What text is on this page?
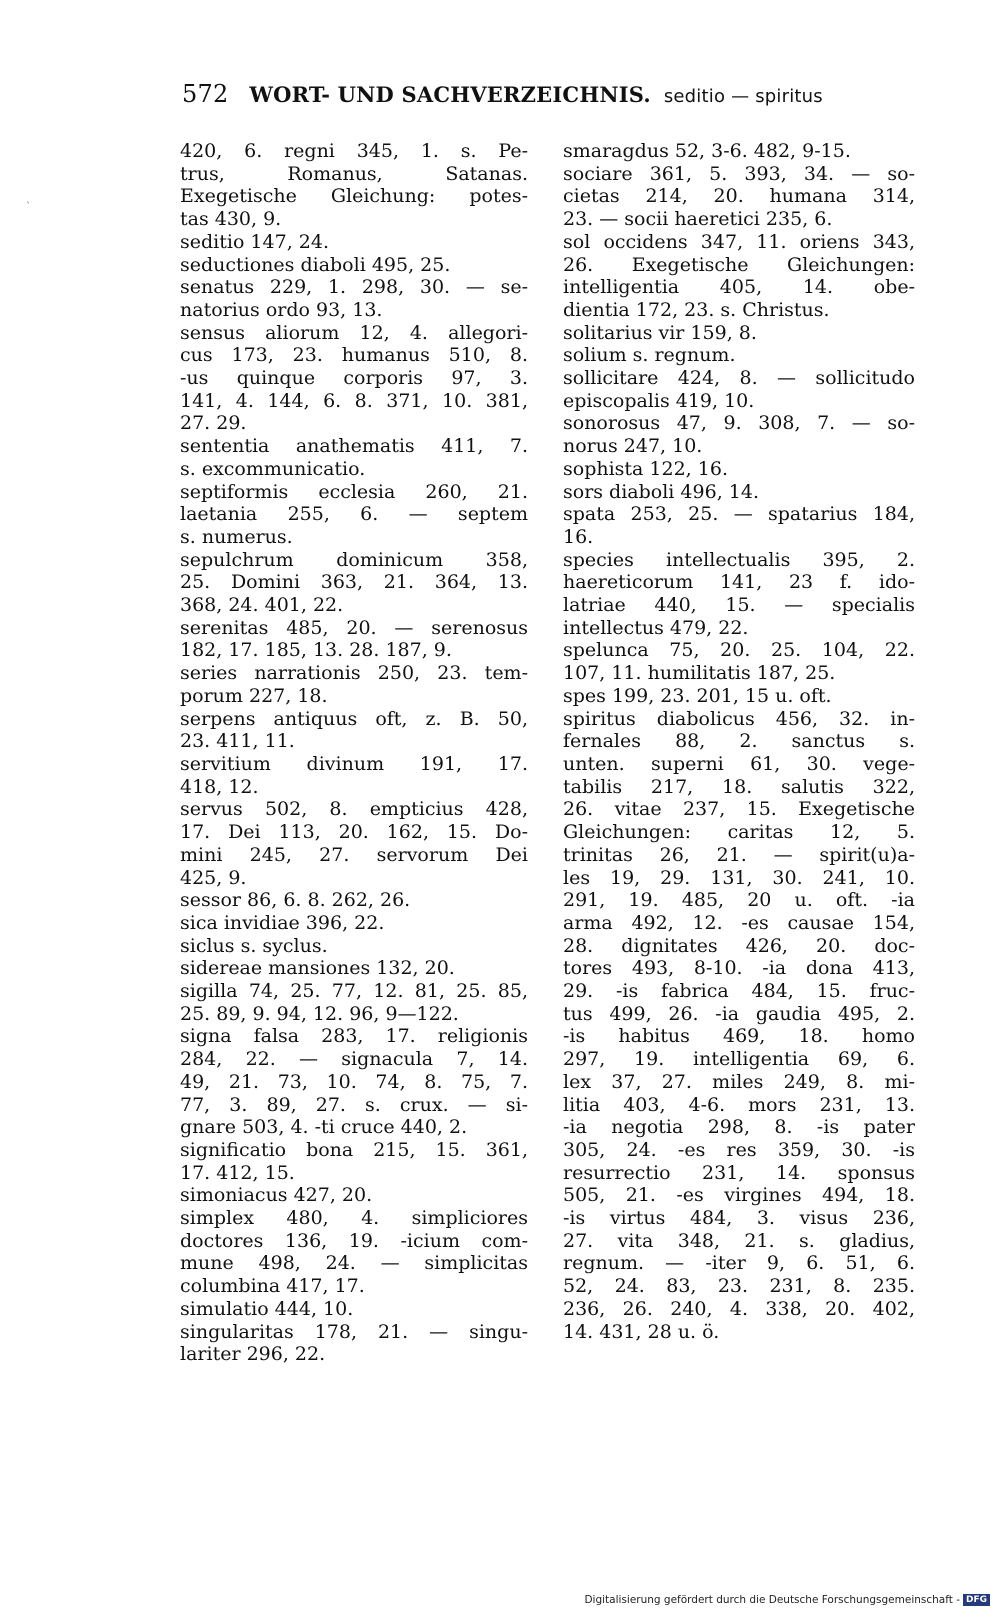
`
572 WORT- UND SACHVERZEICHNIS. seditio — spiritus
420, 6. regni 345, 1. s. Pe-
trus, Romanus, Satanas.
Exegetische Gleichung: potes-
tas 430, 9.
seditio 147, 24.
seductiones diaboli 495, 25.
senatus 229, 1. 298, 30. — se-
natorius ordo 93, 13.
sensus aliorum 12, 4. allegori-
cus 173, 23. humanus 510, 8.
-us quinque corporis 97, 3.
141, 4. 144, 6. 8. 371, 10. 381,
27. 29.
sententia anathematis 411, 7.
s. excommunicatio.
septiformis ecclesia 260, 21.
laetania 255, 6. — septem
s. numerus.
sepulchrum dominicum 358,
25. Domini 363, 21. 364, 13.
368, 24. 401, 22.
serenitas 485, 20. — serenosus
182, 17. 185, 13. 28. 187, 9.
series narrationis 250, 23. tem-
porum 227, 18.
serpens antiquus oft, z. B. 50,
23. 411, 11.
servitium divinum 191, 17.
418, 12.
servus 502, 8. empticius 428,
17. Dei 113, 20. 162, 15. Do-
mini 245, 27. servorum Dei
425, 9.
sessor 86, 6. 8. 262, 26.
sica invidiae 396, 22.
siclus s. syclus.
sidereae mansiones 132, 20.
sigilla 74, 25. 77, 12. 81, 25. 85,
25. 89, 9. 94, 12. 96, 9—122.
signa falsa 283, 17. religionis
284, 22. — signacula 7, 14.
49, 21. 73, 10. 74, 8. 75, 7.
77, 3. 89, 27. s. crux. — si-
gnare 503, 4. -ti cruce 440, 2.
significatio bona 215, 15. 361,
17. 412, 15.
simoniacus 427, 20.
simplex 480, 4. simpliciores
doctores 136, 19. -icium com-
mune 498, 24. — simplicitas
columbina 417, 17.
simulatio 444, 10.
singularitas 178, 21. — singu-
lariter 296, 22.
smaragdus 52, 3-6. 482, 9-15.
sociare 361, 5. 393, 34. — so-
cietas 214, 20. humana 314,
23. — socii haeretici 235, 6.
sol occidens 347, 11. oriens 343,
26. Exegetische Gleichungen:
intelligentia 405, 14. obe-
dientia 172, 23. s. Christus.
solitarius vir 159, 8.
solium s. regnum.
sollicitare 424, 8. — sollicitudo
episcopalis 419, 10.
sonorosus 47, 9. 308, 7. — so-
norus 247, 10.
sophista 122, 16.
sors diaboli 496, 14.
spata 253, 25. — spatarius 184,
16.
species intellectualis 395, 2.
haereticorum 141, 23 f. ido-
latriae 440, 15. — specialis
intellectus 479, 22.
spelunca 75, 20. 25. 104, 22.
107, 11. humilitatis 187, 25.
spes 199, 23. 201, 15 u. oft.
spiritus diabolicus 456, 32. in-
fernales 88, 2. sanctus s.
unten. superni 61, 30. vege-
tabilis 217, 18. salutis 322,
26. vitae 237, 15. Exegetische
Gleichungen: caritas 12, 5.
trinitas 26, 21. — spirit(u)a-
les 19, 29. 131, 30. 241, 10.
291, 19. 485, 20 u. oft. -ia
arma 492, 12. -es causae 154,
28. dignitates 426, 20. doc-
tores 493, 8-10. -ia dona 413,
29. -is fabrica 484, 15. fruc-
tus 499, 26. -ia gaudia 495, 2.
-is habitus 469, 18. homo
297, 19. intelligentia 69, 6.
lex 37, 27. miles 249, 8. mi-
litia 403, 4-6. mors 231, 13.
-ia negotia 298, 8. -is pater
305, 24. -es res 359, 30. -is
resurrectio 231, 14. sponsus
505, 21. -es virgines 494, 18.
-is virtus 484, 3. visus 236,
27. vita 348, 21. s. gladius,
regnum. — -iter 9, 6. 51, 6.
52, 24. 83, 23. 231, 8. 235.
236, 26. 240, 4. 338, 20. 402,
14. 431, 28 u. ö.
Digitalisierung gefördert durch die Deutsche Forschungsgemeinschaft - DFG
